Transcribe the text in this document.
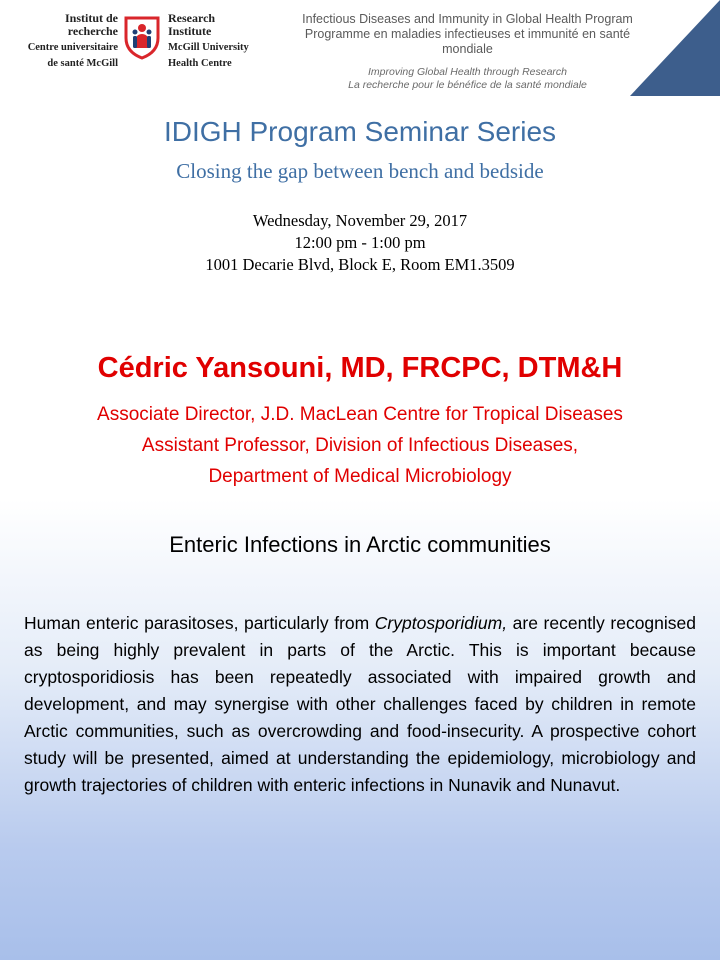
Institut de
recherche
Centre universitaire
de santé McGill
Research
Institute
McGill University
Health Centre
Infectious Diseases and Immunity in Global Health Program
Programme en maladies infectieuses et immunité en santé mondiale
Improving Global Health through Research
La recherche pour le bénéfice de la santé mondiale
IDIGH Program Seminar Series
Closing the gap between bench and bedside
Wednesday, November 29, 2017
12:00 pm - 1:00 pm
1001 Decarie Blvd, Block E, Room EM1.3509
Cédric Yansouni, MD, FRCPC, DTM&H
Associate Director, J.D. MacLean Centre for Tropical Diseases
Assistant Professor, Division of Infectious Diseases,
Department of Medical Microbiology
Enteric Infections in Arctic communities
Human enteric parasitoses, particularly from Cryptosporidium, are recently recognised as being highly prevalent in parts of the Arctic. This is important because cryptosporidiosis has been repeatedly associated with impaired growth and development, and may synergise with other challenges faced by children in remote Arctic communities, such as overcrowding and food-insecurity. A prospective cohort study will be presented, aimed at understanding the epidemiology, microbiology and growth trajectories of children with enteric infections in Nunavik and Nunavut.
